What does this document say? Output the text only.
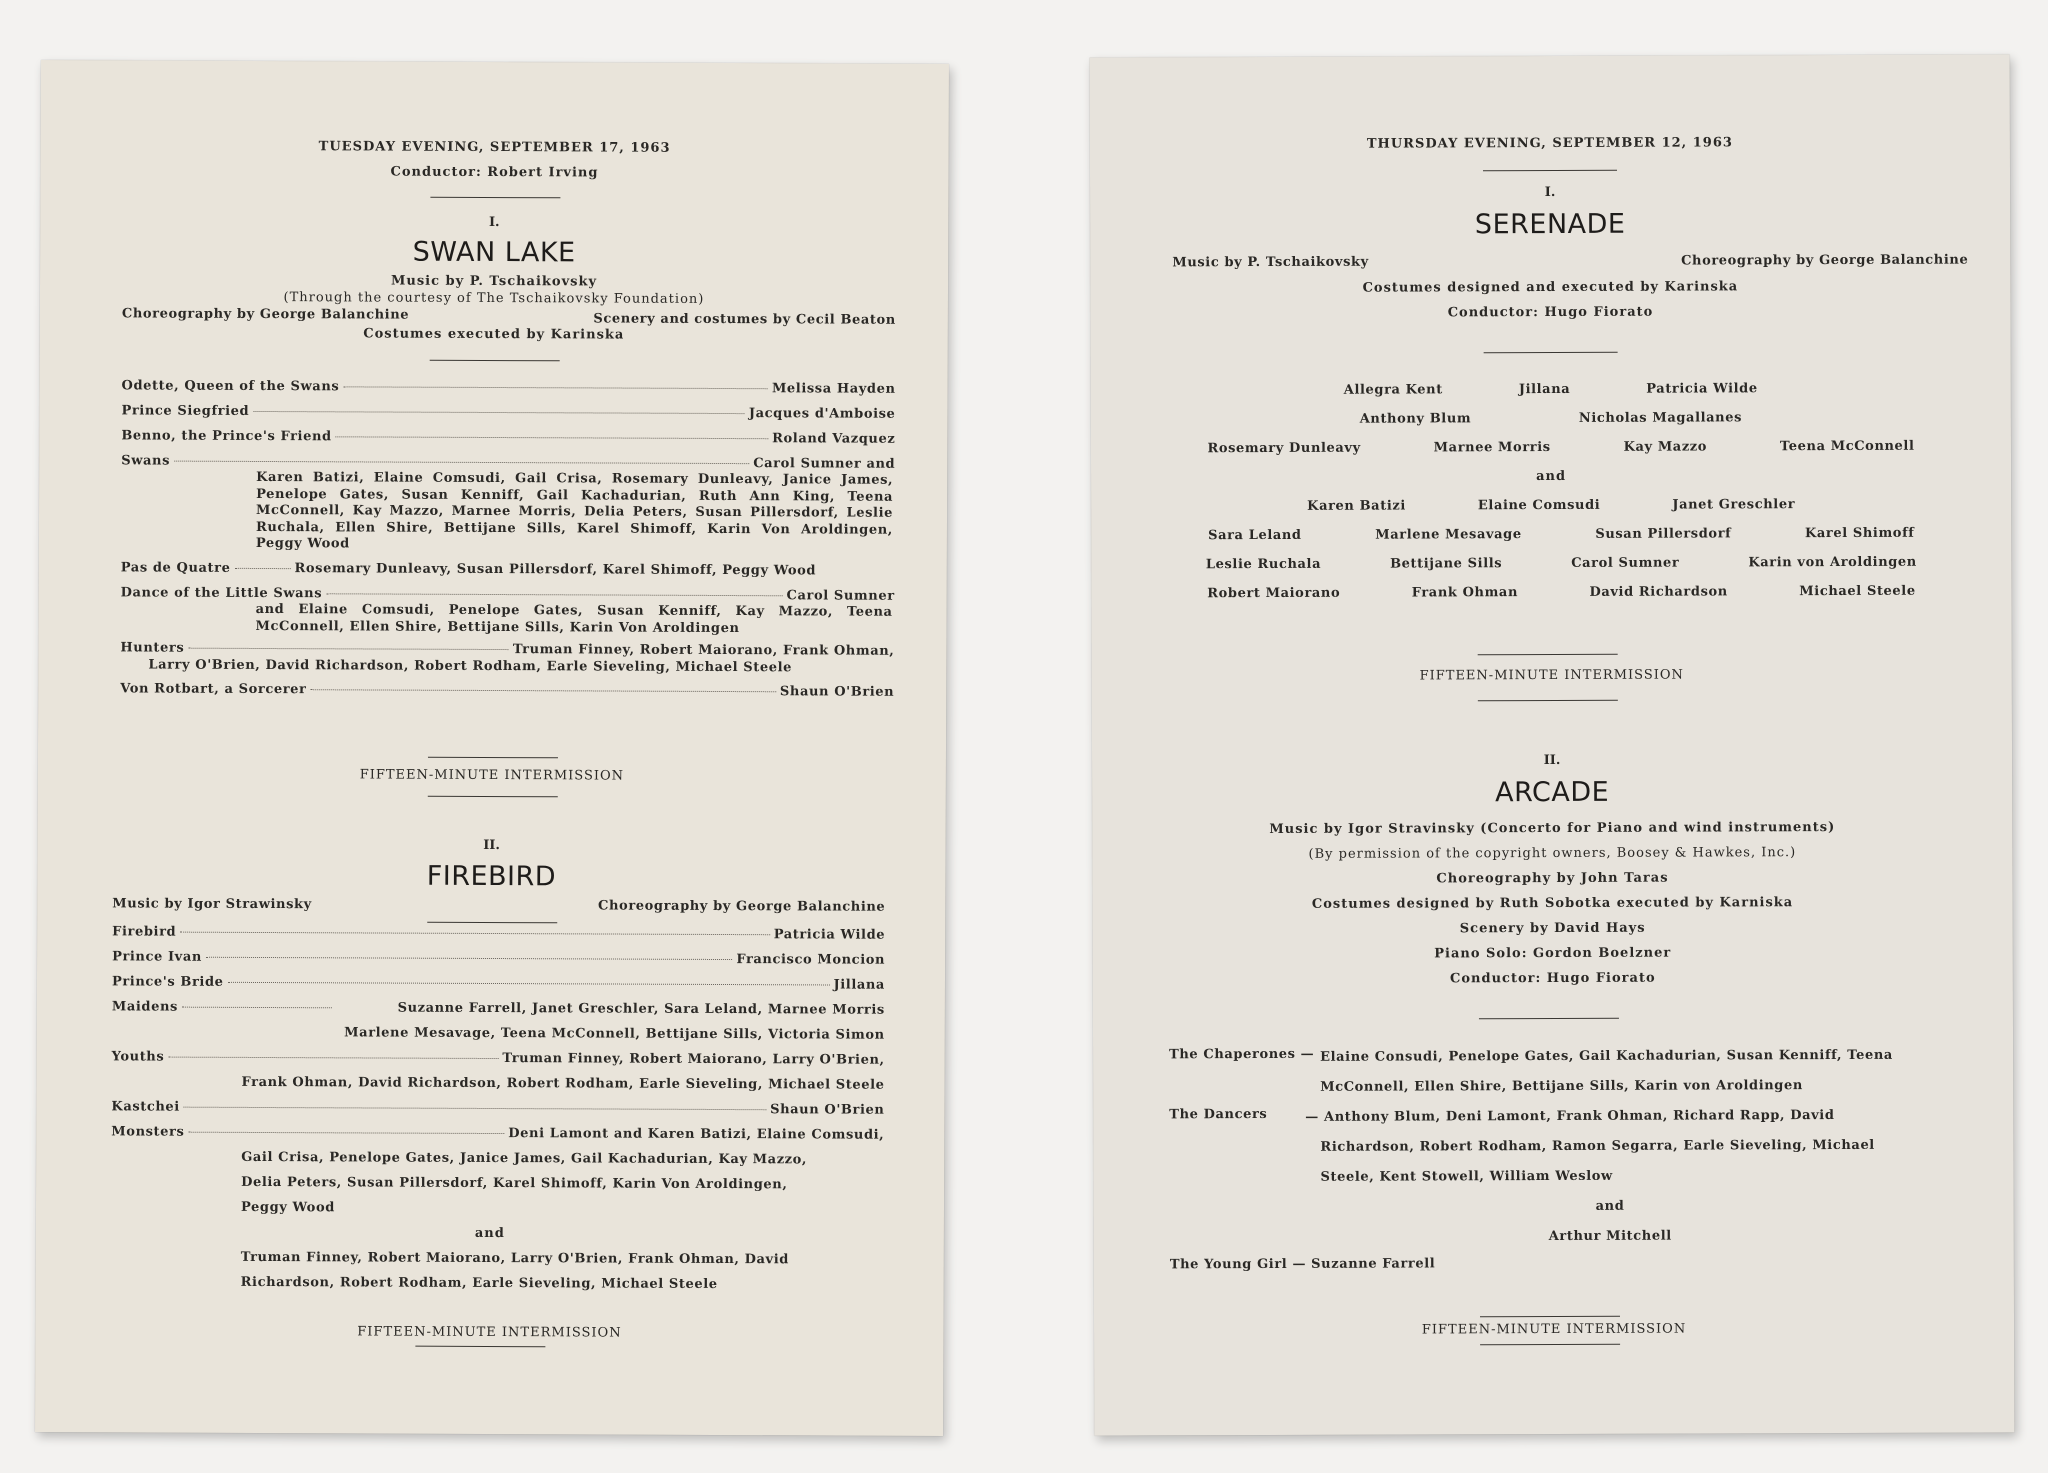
TUESDAY EVENING, SEPTEMBER 17, 1963
Conductor: Robert Irving
I.
SWAN LAKE
Music by P. Tschaikovsky
(Through the courtesy of The Tschaikovsky Foundation)
Choreography by George Balanchine	Scenery and costumes by Cecil Beaton
Costumes executed by Karinska
Odette, Queen of the Swans	Melissa Hayden
Prince Siegfried	Jacques d'Amboise
Benno, the Prince's Friend	Roland Vazquez
Swans	Carol Sumner and
Karen Batizi, Elaine Comsudi, Gail Crisa, Rosemary Dunleavy, Janice James, Penelope Gates, Susan Kenniff, Gail Kachadurian, Ruth Ann King, Teena McConnell, Kay Mazzo, Marnee Morris, Delia Peters, Susan Pillersdorf, Leslie Ruchala, Ellen Shire, Bettijane Sills, Karel Shimoff, Karin Von Aroldingen, Peggy Wood
Pas de Quatre	Rosemary Dunleavy, Susan Pillersdorf, Karel Shimoff, Peggy Wood
Dance of the Little Swans	Carol Sumner
and Elaine Comsudi, Penelope Gates, Susan Kenniff, Kay Mazzo, Teena McConnell, Ellen Shire, Bettijane Sills, Karin Von Aroldingen
Hunters	Truman Finney, Robert Maiorano, Frank Ohman,
Larry O'Brien, David Richardson, Robert Rodham, Earle Sieveling, Michael Steele
Von Rotbart, a Sorcerer	Shaun O'Brien
FIFTEEN-MINUTE INTERMISSION
II.
FIREBIRD
Music by Igor Strawinsky	Choreography by George Balanchine
Firebird	Patricia Wilde
Prince Ivan	Francisco Moncion
Prince's Bride	Jillana
Maidens	Suzanne Farrell, Janet Greschler, Sara Leland, Marnee Morris
Marlene Mesavage, Teena McConnell, Bettijane Sills, Victoria Simon
Youths	Truman Finney, Robert Maiorano, Larry O'Brien,
Frank Ohman, David Richardson, Robert Rodham, Earle Sieveling, Michael Steele
Kastchei	Shaun O'Brien
Monsters	Deni Lamont and Karen Batizi, Elaine Comsudi,
Gail Crisa, Penelope Gates, Janice James, Gail Kachadurian, Kay Mazzo,
Delia Peters, Susan Pillersdorf, Karel Shimoff, Karin Von Aroldingen,
Peggy Wood
and
Truman Finney, Robert Maiorano, Larry O'Brien, Frank Ohman, David
Richardson, Robert Rodham, Earle Sieveling, Michael Steele
FIFTEEN-MINUTE INTERMISSION
THURSDAY EVENING, SEPTEMBER 12, 1963
I.
SERENADE
Music by P. Tschaikovsky	Choreography by George Balanchine
Costumes designed and executed by Karinska
Conductor: Hugo Fiorato
Allegra Kent	Jillana	Patricia Wilde
Anthony Blum	Nicholas Magallanes
Rosemary Dunleavy	Marnee Morris	Kay Mazzo	Teena McConnell
and
Karen Batizi	Elaine Comsudi	Janet Greschler
Sara Leland	Marlene Mesavage	Susan Pillersdorf	Karel Shimoff
Leslie Ruchala	Bettijane Sills	Carol Sumner	Karin von Aroldingen
Robert Maiorano	Frank Ohman	David Richardson	Michael Steele
FIFTEEN-MINUTE INTERMISSION
II.
ARCADE
Music by Igor Stravinsky (Concerto for Piano and wind instruments)
(By permission of the copyright owners, Boosey & Hawkes, Inc.)
Choreography by John Taras
Costumes designed by Ruth Sobotka executed by Karniska
Scenery by David Hays
Piano Solo: Gordon Boelzner
Conductor: Hugo Fiorato
The Chaperones — Elaine Consudi, Penelope Gates, Gail Kachadurian, Susan Kenniff, Teena
McConnell, Ellen Shire, Bettijane Sills, Karin von Aroldingen
The Dancers	— Anthony Blum, Deni Lamont, Frank Ohman, Richard Rapp, David
Richardson, Robert Rodham, Ramon Segarra, Earle Sieveling, Michael
Steele, Kent Stowell, William Weslow
and
Arthur Mitchell
The Young Girl — Suzanne Farrell
FIFTEEN-MINUTE INTERMISSION
